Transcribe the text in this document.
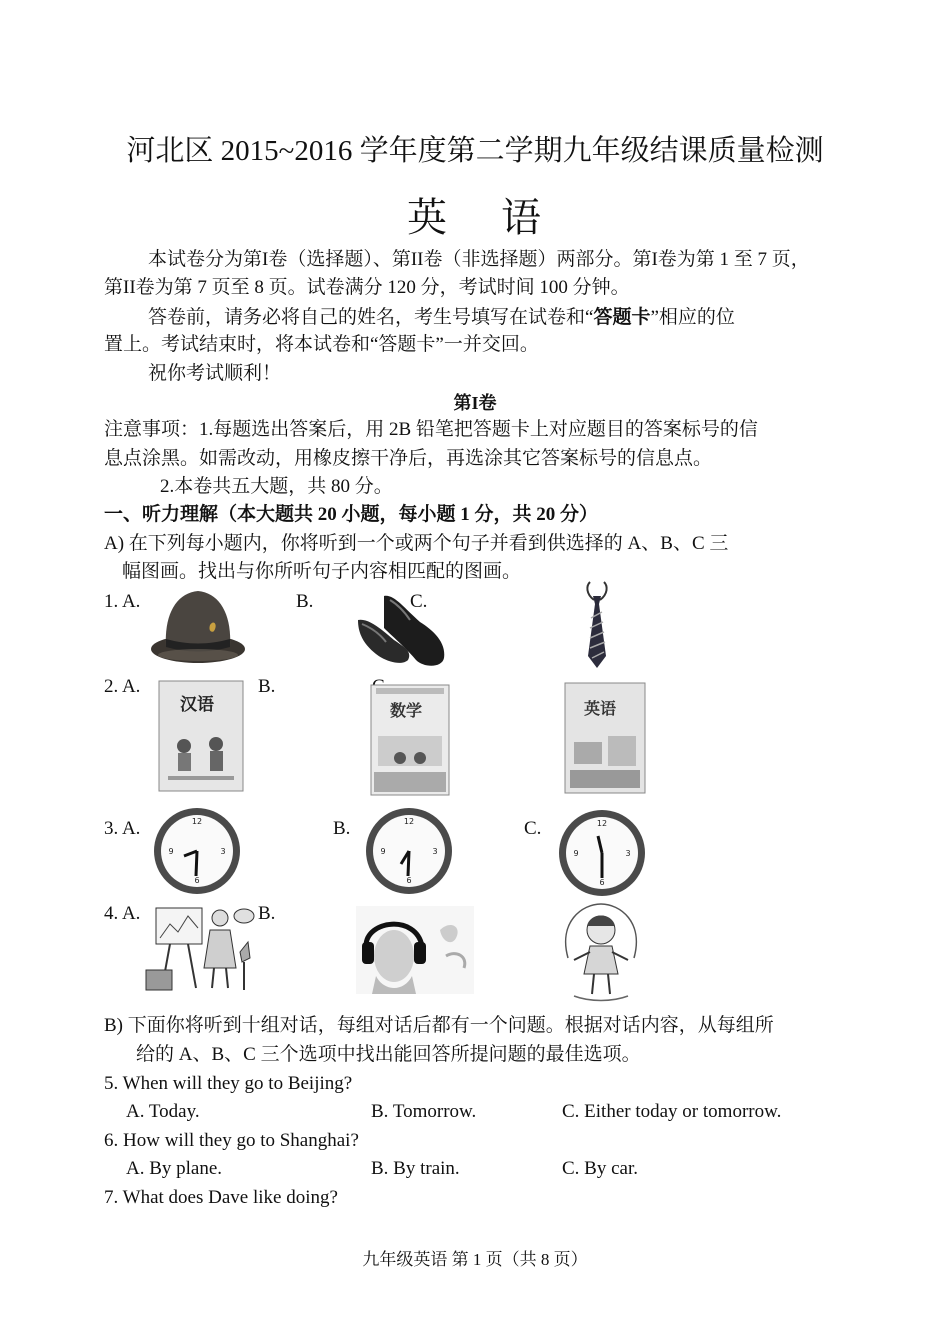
河北区 2015~2016 学年度第二学期九年级结课质量检测
英 语
本试卷分为第I卷（选择题）、第II卷（非选择题）两部分。第I卷为第 1 至 7 页，
第II卷为第 7 页至 8 页。试卷满分 120 分，考试时间 100 分钟。
答卷前，请务必将自己的姓名，考生号填写在试卷和“答题卡”相应的位
置上。考试结束时，将本试卷和“答题卡”一并交回。
祝你考试顺利！
第I卷
注意事项：1.每题选出答案后，用 2B 铅笔把答题卡上对应题目的答案标号的信
息点涂黑。如需改动，用橡皮擦干净后，再选涂其它答案标号的信息点。
2.本卷共五大题，共 80 分。
一、听力理解（本大题共 20 小题，每小题 1 分，共 20 分）
A) 在下列每小题内，你将听到一个或两个句子并看到供选择的 A、B、C 三
幅图画。找出与你所听句子内容相匹配的图画。
1. A.	B.	C.
2. A.	B.
汉语	数学	英语
3. A.	B.	C.
12
3
6
9
12
3
6
9
12
3
6
9
4. A.	B.
B) 下面你将听到十组对话，每组对话后都有一个问题。根据对话内容，从每组所
给的 A、B、C 三个选项中找出能回答所提问题的最佳选项。
5. When will they go to Beijing?
A. Today.	B. Tomorrow.	C. Either today or tomorrow.
6. How will they go to Shanghai?
A. By plane.	B. By train.	C. By car.
7. What does Dave like doing?
九年级英语 第 1 页（共 8 页）
